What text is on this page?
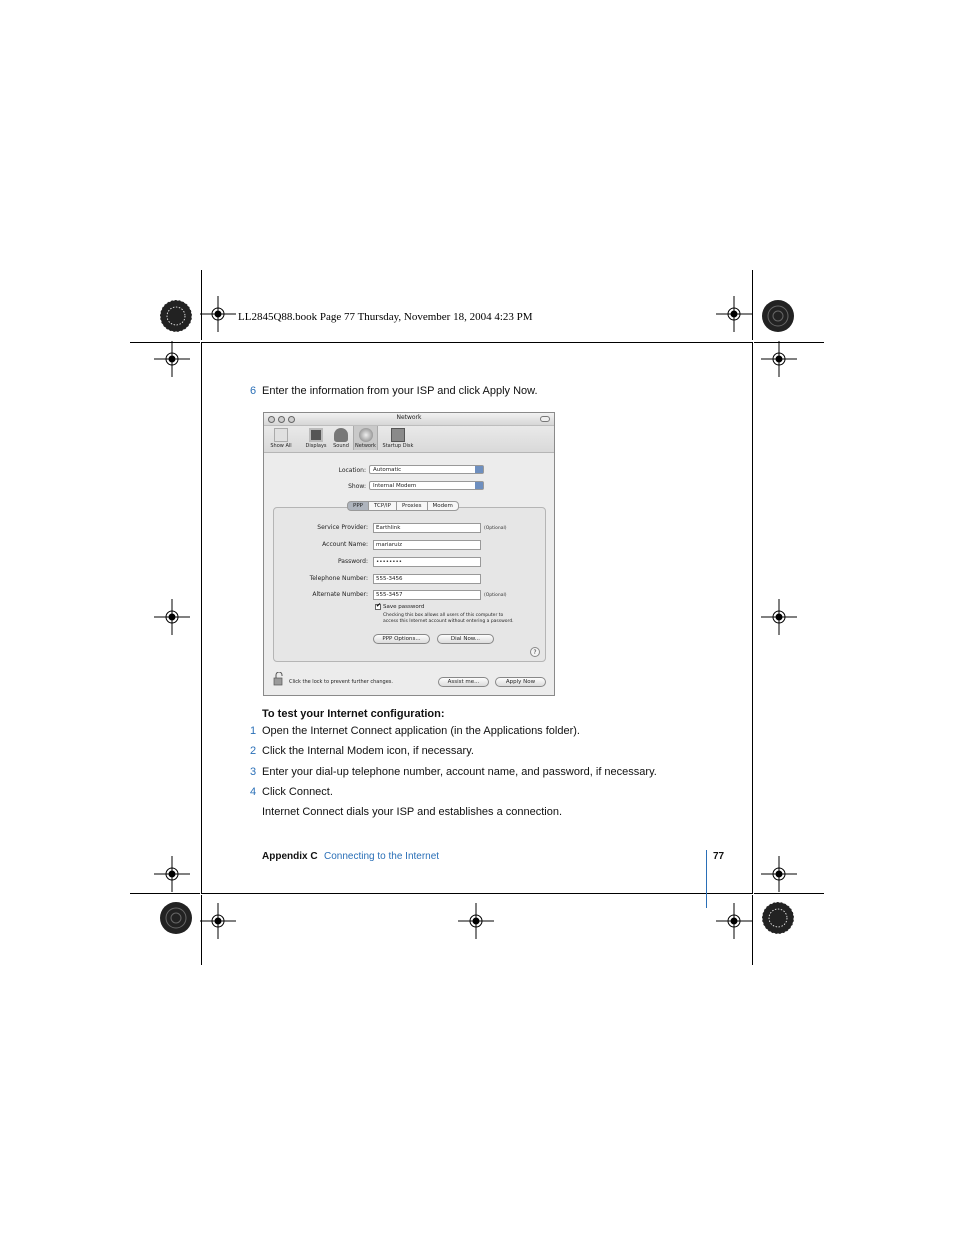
LL2845Q88.book Page 77 Thursday, November 18, 2004 4:23 PM
6 Enter the information from your ISP and click Apply Now.
Network
Show All	Displays	Sound	Network	Startup Disk
Location:	Automatic
Show:	Internal Modem
PPP	TCP/IP	Proxies	Modem
Service Provider:	Earthlink	(Optional)
Account Name:	mariaruiz
Password:	••••••••
Telephone Number:	555-3456
Alternate Number:	555-3457	(Optional)
✔ Save password
Checking this box allows all users of this computer to
access this Internet account without entering a password.
PPP Options...	Dial Now...
?
Click the lock to prevent further changes.	Assist me...	Apply Now
To test your Internet configuration:
1 Open the Internet Connect application (in the Applications folder).
2 Click the Internal Modem icon, if necessary.
3 Enter your dial-up telephone number, account name, and password, if necessary.
4 Click Connect.
Internet Connect dials your ISP and establishes a connection.
Appendix C Connecting to the Internet	77
